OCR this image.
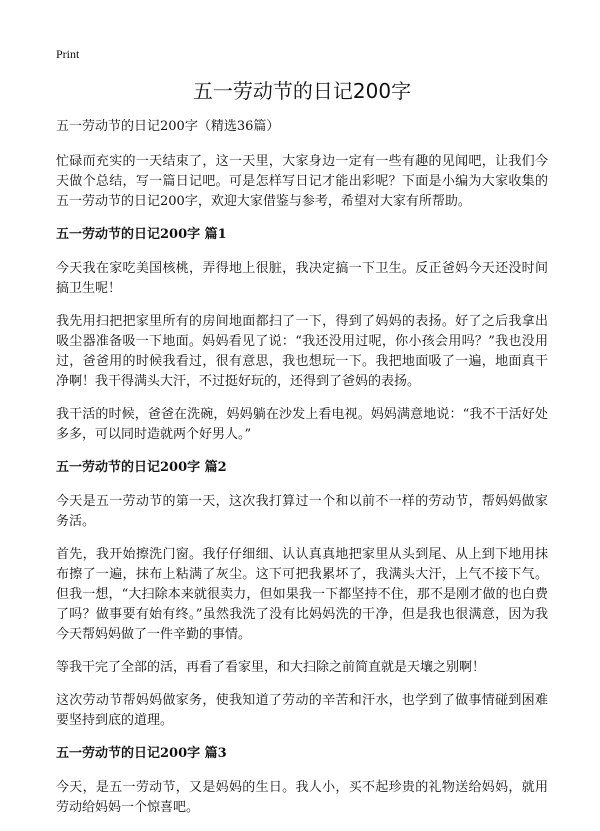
Print
五一劳动节的日记200字
五一劳动节的日记200字（精选36篇）

忙碌而充实的一天结束了，这一天里，大家身边一定有一些有趣的见闻吧，让我们今天做个总结，写一篇日记吧。可是怎样写日记才能出彩呢？下面是小编为大家收集的五一劳动节的日记200字，欢迎大家借鉴与参考，希望对大家有所帮助。

五一劳动节的日记200字 篇1

今天我在家吃美国核桃，弄得地上很脏，我决定搞一下卫生。反正爸妈今天还没时间搞卫生呢！

我先用扫把把家里所有的房间地面都扫了一下，得到了妈妈的表扬。好了之后我拿出吸尘器准备吸一下地面。妈妈看见了说：“我还没用过呢，你小孩会用吗？”我也没用过，爸爸用的时候我看过，很有意思，我也想玩一下。我把地面吸了一遍，地面真干净啊！我干得满头大汗，不过挺好玩的，还得到了爸妈的表扬。

我干活的时候，爸爸在洗碗，妈妈躺在沙发上看电视。妈妈满意地说：“我不干活好处多多，可以同时造就两个好男人。”

五一劳动节的日记200字 篇2

今天是五一劳动节的第一天，这次我打算过一个和以前不一样的劳动节，帮妈妈做家务活。

首先，我开始擦洗门窗。我仔仔细细、认认真真地把家里从头到尾、从上到下地用抹布擦了一遍，抹布上粘满了灰尘。这下可把我累坏了，我满头大汗，上气不接下气。但我一想，“大扫除本来就很卖力，但如果我一下都坚持不住，那不是刚才做的也白费了吗？做事要有始有终。”虽然我洗了没有比妈妈洗的干净，但是我也很满意，因为我今天帮妈妈做了一件辛勤的事情。

等我干完了全部的活，再看了看家里，和大扫除之前简直就是天壤之别啊！

这次劳动节帮妈妈做家务，使我知道了劳动的辛苦和汗水，也学到了做事情碰到困难要坚持到底的道理。

五一劳动节的日记200字 篇3

今天，是五一劳动节，又是妈妈的生日。我人小，买不起珍贵的礼物送给妈妈，就用劳动给妈妈一个惊喜吧。
